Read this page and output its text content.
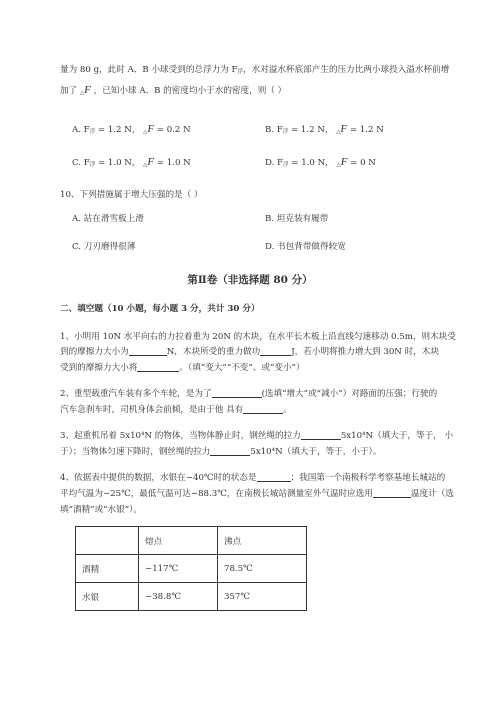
量为 80 g，此时 A、B 小球受到的总浮力为 F浮，水对溢水杯底部产生的压力比两小球投入溢水杯前增
加了 △F ，已知小球 A、B 的密度均小于水的密度，则（ ）
A. F浮 = 1.2 N， △F = 0.2 N	B. F浮 = 1.2 N， △F = 1.2 N
C. F浮 = 1.0 N， △F = 1.0 N	D. F浮 = 1.0 N， △F = 0 N
10、下列措施属于增大压强的是（ ）
A. 站在滑雪板上滑	B. 坦克装有履带
C. 刀刃磨得很薄	D. 书包背带做得较宽
第Ⅱ卷（非选择题 80 分）
二、填空题（10 小题，每小题 3 分，共计 30 分）
1、小明用 10N 水平向右的力拉着重为 20N 的木块，在水平长木板上沿直线匀速移动 0.5m，则木块受
到的摩擦力大小为	N，木块所受的重力做功	J，若小明将推力增大到 30N 时，木块
受到的摩擦力大小将	。（填“变大”“不变”、或“变小”）
2、重型载重汽车装有多个车轮，是为了	(选填“增大”或“减小”）对路面的压强；行驶的
汽车急刹车时，司机身体会前倾，是由于他 具有	。
3、起重机吊着 5x10⁴N 的物体，当物体静止时，钢丝绳的拉力	5x10⁴N（填大于，等于， 小
于）；当物体匀速下降时，钢丝绳的拉力	5x10⁴N（填大于，等于，小于）。
4、依据表中提供的数据，水银在−40℃时的状态是	；我国第一个南极科学考察基地长城站的
平均气温为−25℃，最低气温可达−88.3℃，在南极长城站测量室外气温时应选用	温度计（选
填“酒精”或“水银”）。
	熔点	沸点
酒精	−117℃	78.5℃
水银	−38.8℃	357℃
